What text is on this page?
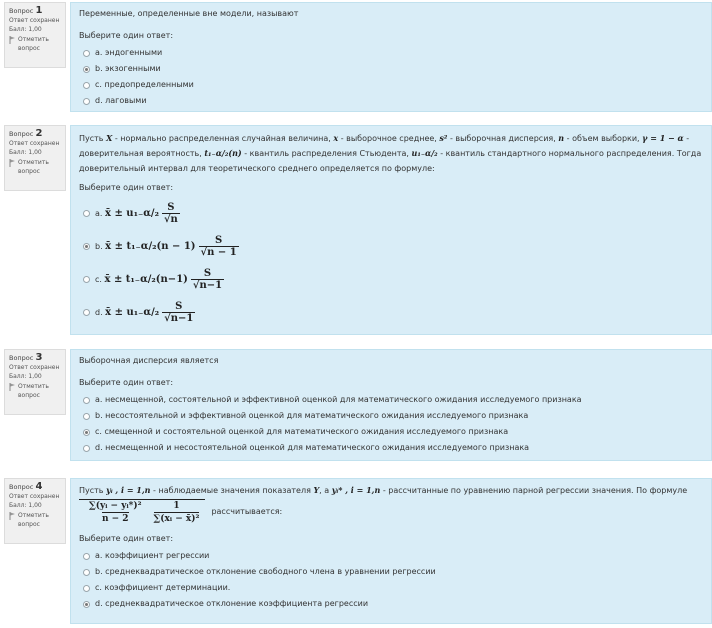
Вопрос 1
Ответ сохранен
Балл: 1,00
Отметить вопрос
Переменные, определенные вне модели, называют
Выберите один ответ:
a. эндогенными
b. экзогенными
c. предопределенными
d. лаговыми
Вопрос 2
Ответ сохранен
Балл: 1,00
Отметить вопрос
Пусть X - нормально распределенная случайная величина, x - выборочное среднее, s² - выборочная дисперсия, n - объем выборки, γ = 1 − α - доверительная вероятность, t₁₋α/₂(n) - квантиль распределения Стьюдента, u₁₋α/₂ - квантиль стандартного нормального распределения. Тогда доверительный интервал для теоретического среднего определяется по формуле:
Выберите один ответ:
a.
x̄ ± $u_{1-}\alpha/_2 \frac{S}{√n}$
b.
x̄ ± $t_{1-}\alpha/_2(n - 1) \frac{S}{√n - 1}$
c.
x̄ ± $t_{1-}\alpha/_2(n-1) \frac{S}{√n-1}$
d.
x̄ ± $u_{1-}\alpha/_2 \frac{S}{√n-1}$
Вопрос 3
Ответ сохранен
Балл: 1,00
Отметить вопрос
Выборочная дисперсия является
Выберите один ответ:
a. несмещенной, состоятельной и эффективной оценкой для математического ожидания исследуемого признака
b. несостоятельной и эффективной оценкой для математического ожидания исследуемого признака
c. смещенной и состоятельной оценкой для математического ожидания исследуемого признака
d. несмещенной и несостоятельной оценкой для математического ожидания исследуемого признака
Вопрос 4
Ответ сохранен
Балл: 1,00
Отметить вопрос
Пусть yᵢ , i = 1,n - наблюдаемые значения показателя Y, а yᵢ* , i = 1,n - рассчитанные по уравнению парной регрессии значения. По формуле
∑(yᵢ − yᵢ*)²
n − 2
1
∑(xᵢ − x̄)²
рассчитывается:
Выберите один ответ:
a. коэффициент регрессии
b. среднеквадратическое отклонение свободного члена в уравнении регрессии
c. коэффициент детерминации.
d. среднеквадратическое отклонение коэффициента регрессии
